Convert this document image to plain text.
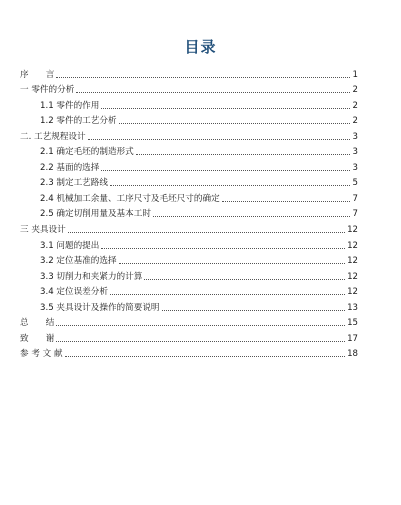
目录
序　　言	1
一 零件的分析	2
1.1 零件的作用	2
1.2 零件的工艺分析	2
二. 工艺规程设计	3
2.1 确定毛坯的制造形式	3
2.2 基面的选择	3
2.3 制定工艺路线	5
2.4 机械加工余量、工序尺寸及毛坯尺寸的确定	7
2.5 确定切削用量及基本工时	7
三 夹具设计	12
3.1 问题的提出	12
3.2 定位基准的选择	12
3.3 切削力和夹紧力的计算	12
3.4 定位误差分析	12
3.5 夹具设计及操作的简要说明	13
总　　结	15
致　　谢	17
参 考 文 献	18
